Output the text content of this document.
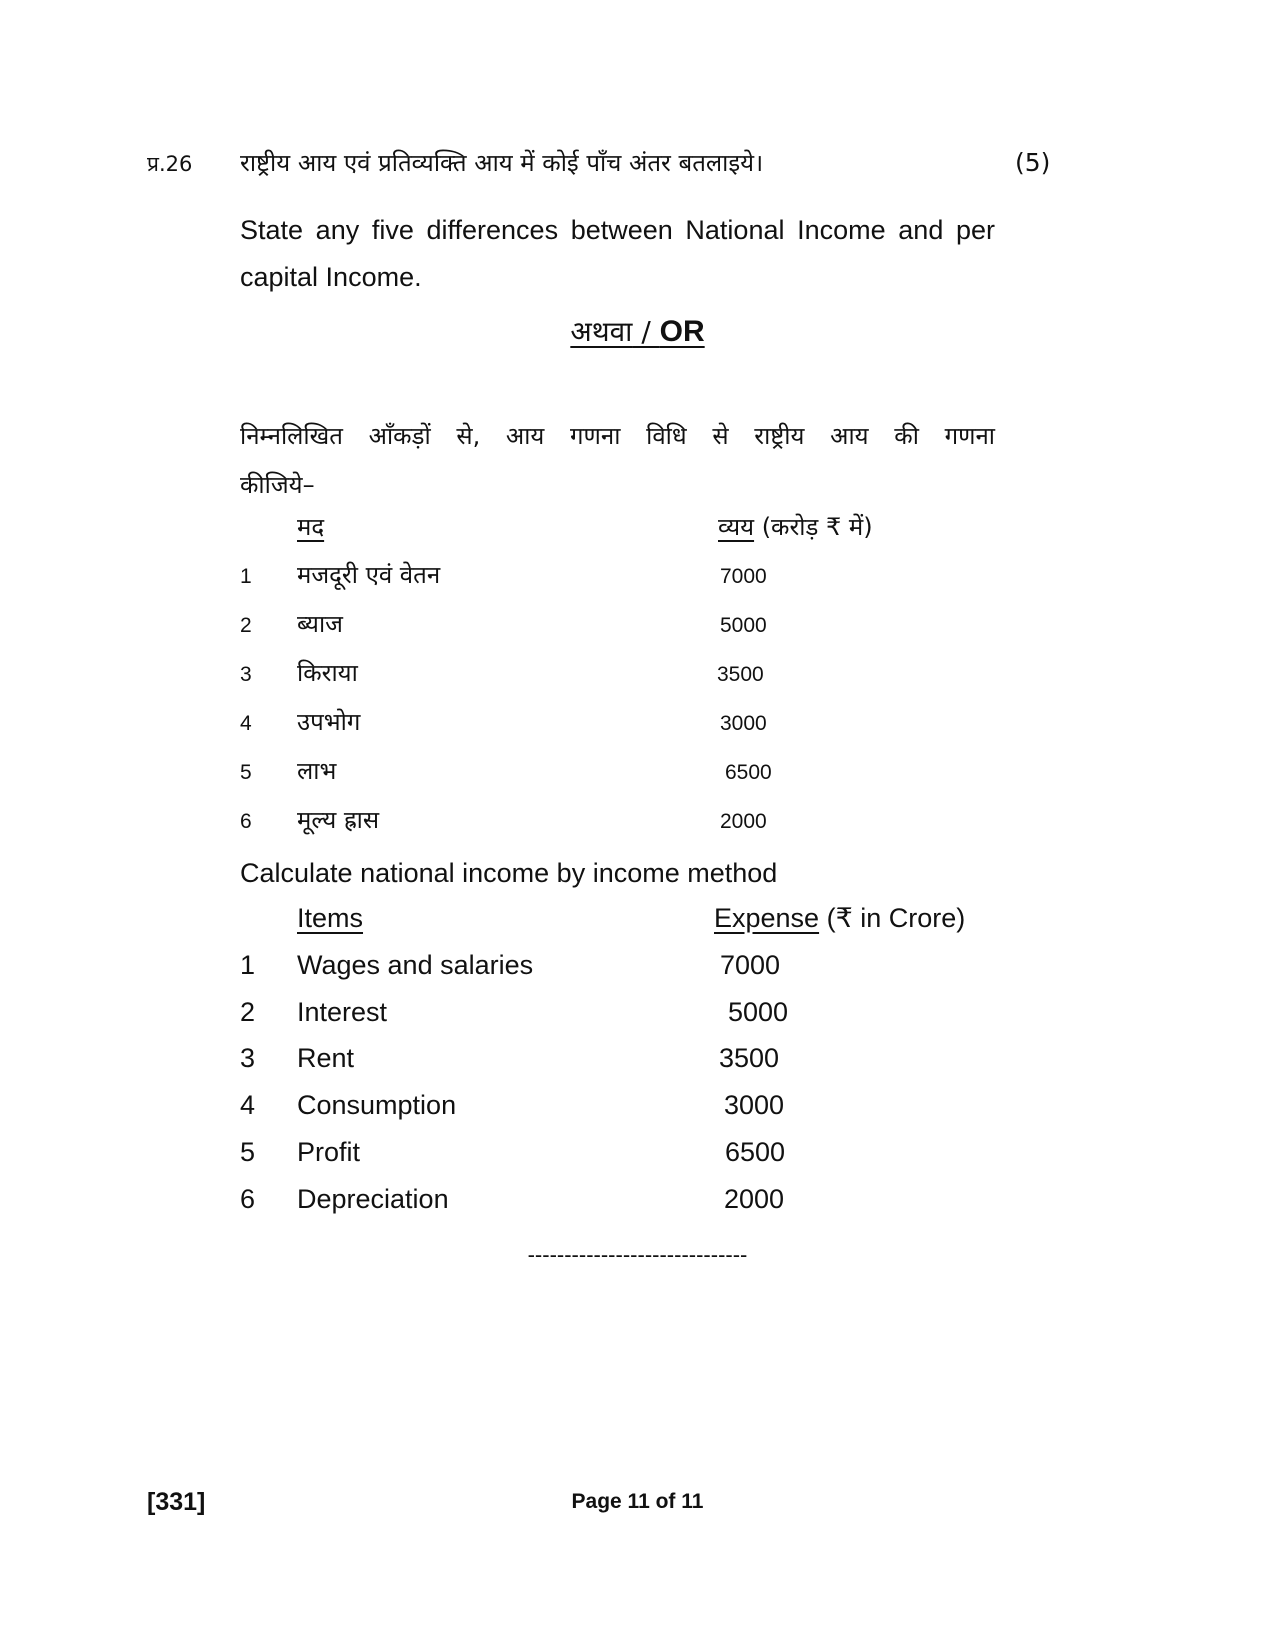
प्र.26 राष्ट्रीय आय एवं प्रतिव्यक्ति आय में कोई पाँच अंतर बतलाइये।	(5)
State any five differences between National Income and per capital Income.
अथवा / OR
निम्नलिखित आँकड़ों से, आय गणना विधि से राष्ट्रीय आय की गणना
कीजिये–
मद	व्यय (करोड़ ₹ में)
1 मजदूरी एवं वेतन	7000
2 ब्याज	5000
3 किराया	3500
4 उपभोग	3000
5 लाभ	6500
6 मूल्य ह्रास	2000
Calculate national income by income method
Items	Expense (₹ in Crore)
1 Wages and salaries	7000
2 Interest	5000
3 Rent	3500
4 Consumption	3000
5 Profit	6500
6 Depreciation	2000
------------------------------
[331]	Page 11 of 11
